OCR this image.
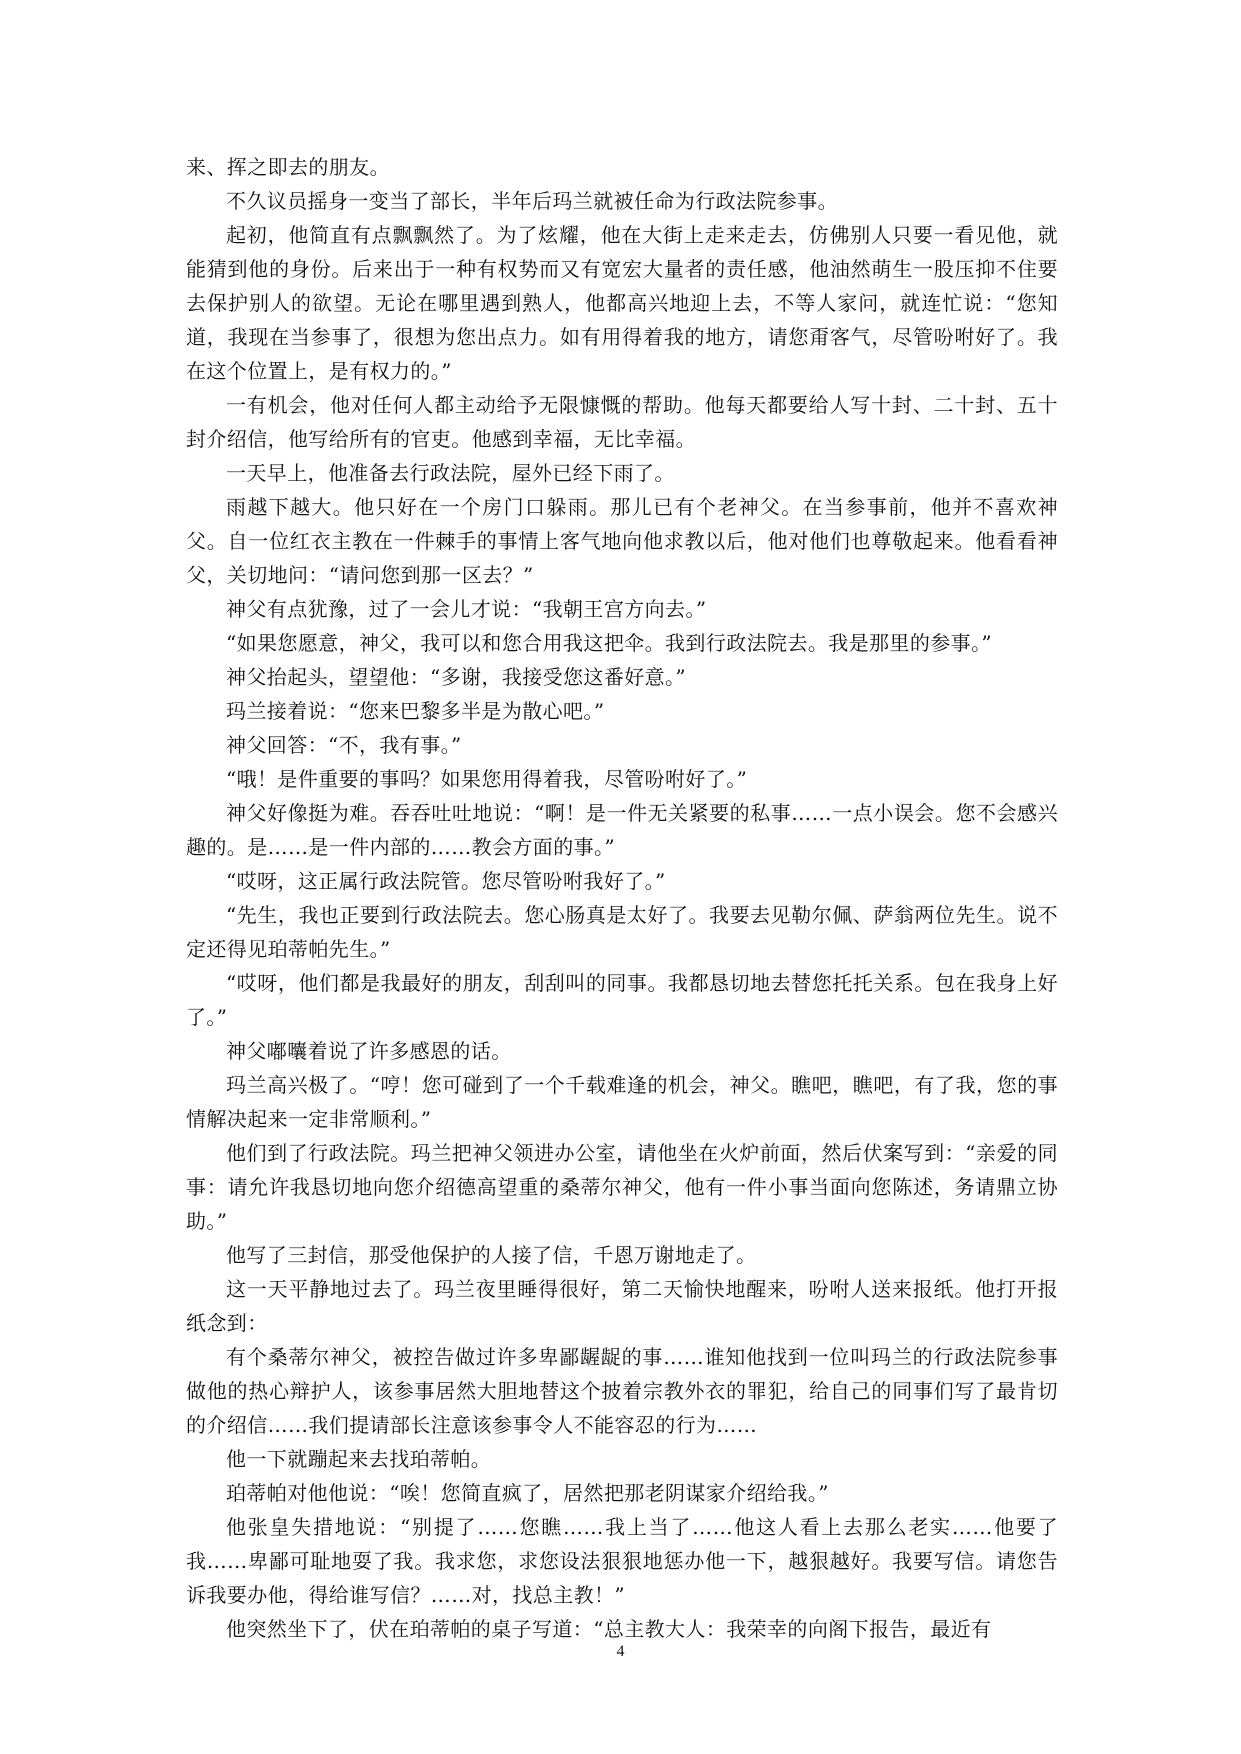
来、挥之即去的朋友。

不久议员摇身一变当了部长，半年后玛兰就被任命为行政法院参事。

起初，他简直有点飘飘然了。为了炫耀，他在大街上走来走去，仿佛别人只要一看见他，就能猜到他的身份。后来出于一种有权势而又有宽宏大量者的责任感，他油然萌生一股压抑不住要去保护别人的欲望。无论在哪里遇到熟人，他都高兴地迎上去，不等人家问，就连忙说：“您知道，我现在当参事了，很想为您出点力。如有用得着我的地方，请您甭客气，尽管吩咐好了。我在这个位置上，是有权力的。”

一有机会，他对任何人都主动给予无限慷慨的帮助。他每天都要给人写十封、二十封、五十封介绍信，他写给所有的官吏。他感到幸福，无比幸福。

一天早上，他准备去行政法院，屋外已经下雨了。

雨越下越大。他只好在一个房门口躲雨。那儿已有个老神父。在当参事前，他并不喜欢神父。自一位红衣主教在一件棘手的事情上客气地向他求教以后，他对他们也尊敬起来。他看看神父，关切地问：“请问您到那一区去？”

神父有点犹豫，过了一会儿才说：“我朝王宫方向去。”

“如果您愿意，神父，我可以和您合用我这把伞。我到行政法院去。我是那里的参事。”

神父抬起头，望望他：“多谢，我接受您这番好意。”

玛兰接着说：“您来巴黎多半是为散心吧。”

神父回答：“不，我有事。”

“哦！是件重要的事吗？如果您用得着我，尽管吩咐好了。”

神父好像挺为难。吞吞吐吐地说：“啊！是一件无关紧要的私事……一点小误会。您不会感兴趣的。是……是一件内部的……教会方面的事。”

“哎呀，这正属行政法院管。您尽管吩咐我好了。”

“先生，我也正要到行政法院去。您心肠真是太好了。我要去见勒尔佩、萨翁两位先生。说不定还得见珀蒂帕先生。”

“哎呀，他们都是我最好的朋友，刮刮叫的同事。我都恳切地去替您托托关系。包在我身上好了。”

神父嘟囔着说了许多感恩的话。

玛兰高兴极了。“哼！您可碰到了一个千载难逢的机会，神父。瞧吧，瞧吧，有了我，您的事情解决起来一定非常顺利。”

他们到了行政法院。玛兰把神父领进办公室，请他坐在火炉前面，然后伏案写到：“亲爱的同事：请允许我恳切地向您介绍德高望重的桑蒂尔神父，他有一件小事当面向您陈述，务请鼎立协助。”

他写了三封信，那受他保护的人接了信，千恩万谢地走了。

这一天平静地过去了。玛兰夜里睡得很好，第二天愉快地醒来，吩咐人送来报纸。他打开报纸念到：

有个桑蒂尔神父，被控告做过许多卑鄙龌龊的事……谁知他找到一位叫玛兰的行政法院参事做他的热心辩护人，该参事居然大胆地替这个披着宗教外衣的罪犯，给自己的同事们写了最肯切的介绍信……我们提请部长注意该参事令人不能容忍的行为……

他一下就蹦起来去找珀蒂帕。

珀蒂帕对他他说：“唉！您简直疯了，居然把那老阴谋家介绍给我。”

他张皇失措地说：“别提了……您瞧……我上当了……他这人看上去那么老实……他要了我……卑鄙可耻地耍了我。我求您，求您设法狠狠地惩办他一下，越狠越好。我要写信。请您告诉我要办他，得给谁写信？……对，找总主教！”

他突然坐下了，伏在珀蒂帕的桌子写道：“总主教大人：我荣幸的向阁下报告，最近有

4
